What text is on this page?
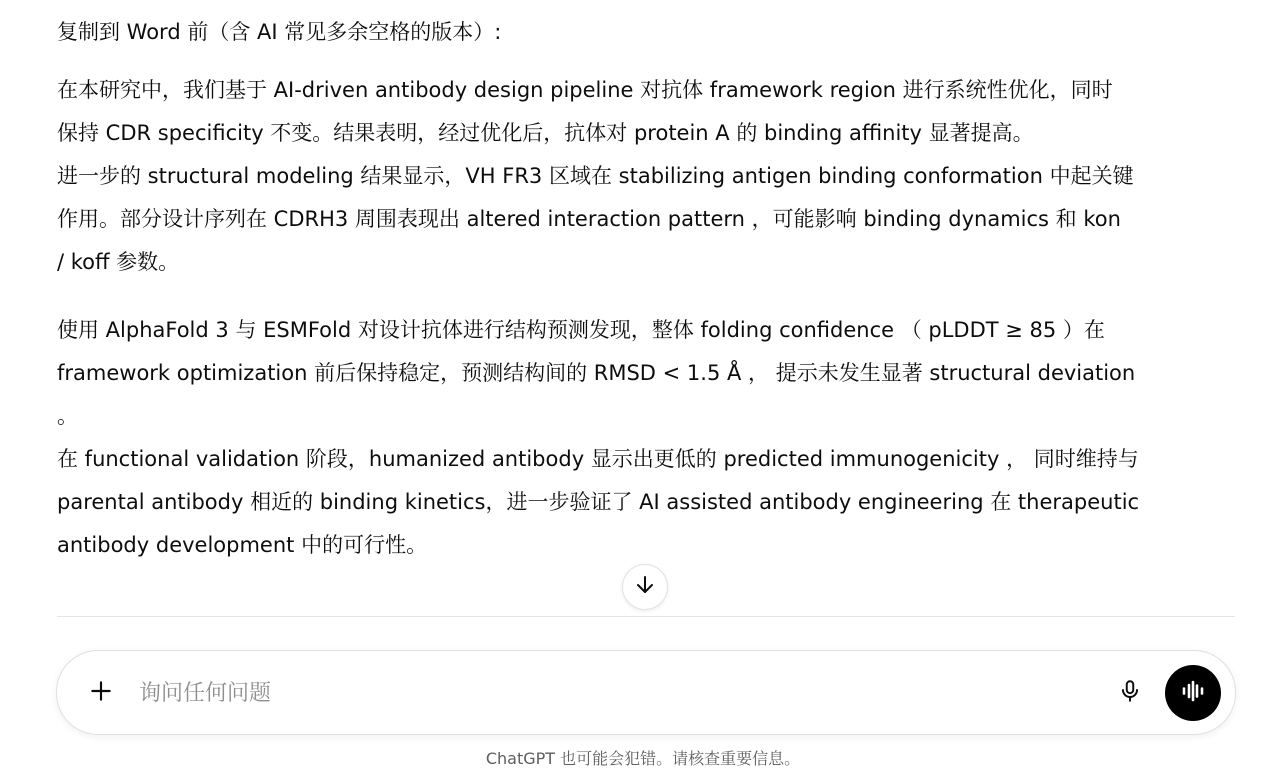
复制到 Word 前（含 AI 常见多余空格的版本）:

在本研究中，我们基于 AI-driven antibody design pipeline 对抗体 framework region 进行系统性优化，同时
保持 CDR specificity 不变。结果表明，经过优化后，抗体对 protein A 的 binding affinity 显著提高。
进一步的 structural modeling 结果显示，VH FR3 区域在 stabilizing antigen binding conformation 中起关键
作用。部分设计序列在 CDRH3 周围表现出 altered interaction pattern ，可能影响 binding dynamics 和 kon
/ koff 参数。
使用 AlphaFold 3 与 ESMFold 对设计抗体进行结构预测发现，整体 folding confidence （ pLDDT ≥ 85 ）在
framework optimization 前后保持稳定，预测结构间的 RMSD < 1.5 Å ， 提示未发生显著 structural deviation
。
在 functional validation 阶段，humanized antibody 显示出更低的 predicted immunogenicity ， 同时维持与
parental antibody 相近的 binding kinetics，进一步验证了 AI assisted antibody engineering 在 therapeutic
antibody development 中的可行性。
询问任何问题
ChatGPT 也可能会犯错。请核查重要信息。
